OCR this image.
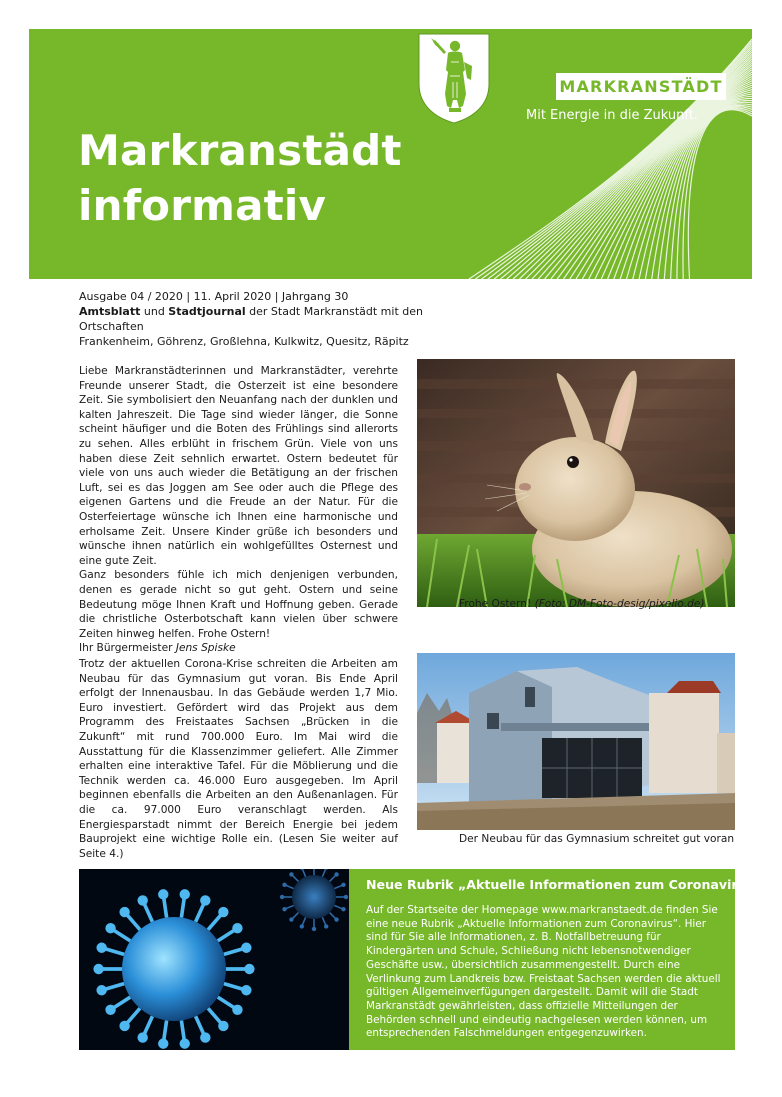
MARKRANSTÄDT
Mit Energie in die Zukunft.
Markranstädt
informativ
Ausgabe 04 / 2020 | 11. April 2020 | Jahrgang 30
Amtsblatt und Stadtjournal der Stadt Markranstädt mit den Ortschaften
Frankenheim, Göhrenz, Großlehna, Kulkwitz, Quesitz, Räpitz

Liebe Markranstädterinnen und Markranstädter, verehrte Freunde unserer Stadt, die Osterzeit ist eine besondere Zeit. Sie symbolisiert den Neuanfang nach der dunklen und kalten Jahreszeit. Die Tage sind wieder länger, die Sonne scheint häufiger und die Boten des Frühlings sind allerorts zu sehen. Alles erblüht in frischem Grün. Viele von uns haben diese Zeit sehnlich erwartet. Ostern bedeutet für viele von uns auch wieder die Betätigung an der frischen Luft, sei es das Joggen am See oder auch die Pflege des eigenen Gartens und die Freude an der Natur. Für die Osterfeiertage wünsche ich Ihnen eine harmonische und erholsame Zeit. Unsere Kinder grüße ich besonders und wünsche ihnen natürlich ein wohlgefülltes Osternest und eine gute Zeit.

Ganz besonders fühle ich mich denjenigen verbunden, denen es gerade nicht so gut geht. Ostern und seine Bedeutung möge Ihnen Kraft und Hoffnung geben. Gerade die christliche Osterbotschaft kann vielen über schwere Zeiten hinweg helfen. Frohe Ostern!

Ihr Bürgermeister Jens Spiske

Frohe Ostern! (Foto: DM-Foto-desig/pixelio.de)

Trotz der aktuellen Corona-Krise schreiten die Arbeiten am Neubau für das Gymnasium gut voran. Bis Ende April erfolgt der Innenausbau. In das Gebäude werden 1,7 Mio. Euro investiert. Gefördert wird das Projekt aus dem Programm des Freistaates Sachsen „Brücken in die Zukunft“ mit rund 700.000 Euro. Im Mai wird die Ausstattung für die Klassenzimmer geliefert. Alle Zimmer erhalten eine interaktive Tafel. Für die Möblierung und die Technik werden ca. 46.000 Euro ausgegeben. Im April beginnen ebenfalls die Arbeiten an den Außenanlagen. Für die ca. 97.000 Euro veranschlagt werden. Als Energiesparstadt nimmt der Bereich Energie bei jedem Bauprojekt eine wichtige Rolle ein. (Lesen Sie weiter auf Seite 4.)

Der Neubau für das Gymnasium schreitet gut voran
Neue Rubrik „Aktuelle Informationen zum Coronavirus“

Auf der Startseite der Homepage www.markranstaedt.de finden Sie eine neue Rubrik „Aktuelle Informationen zum Coronavirus“. Hier sind für Sie alle Informationen, z. B. Notfallbetreuung für Kindergärten und Schule, Schließung nicht lebensnotwendiger Geschäfte usw., übersichtlich zusammengestellt. Durch eine Verlinkung zum Landkreis bzw. Freistaat Sachsen werden die aktuell gültigen Allgemeinverfügungen dargestellt. Damit will die Stadt Markranstädt gewährleisten, dass offizielle Mitteilungen der Behörden schnell und eindeutig nachgelesen werden können, um entsprechenden Falschmeldungen entgegenzuwirken.
